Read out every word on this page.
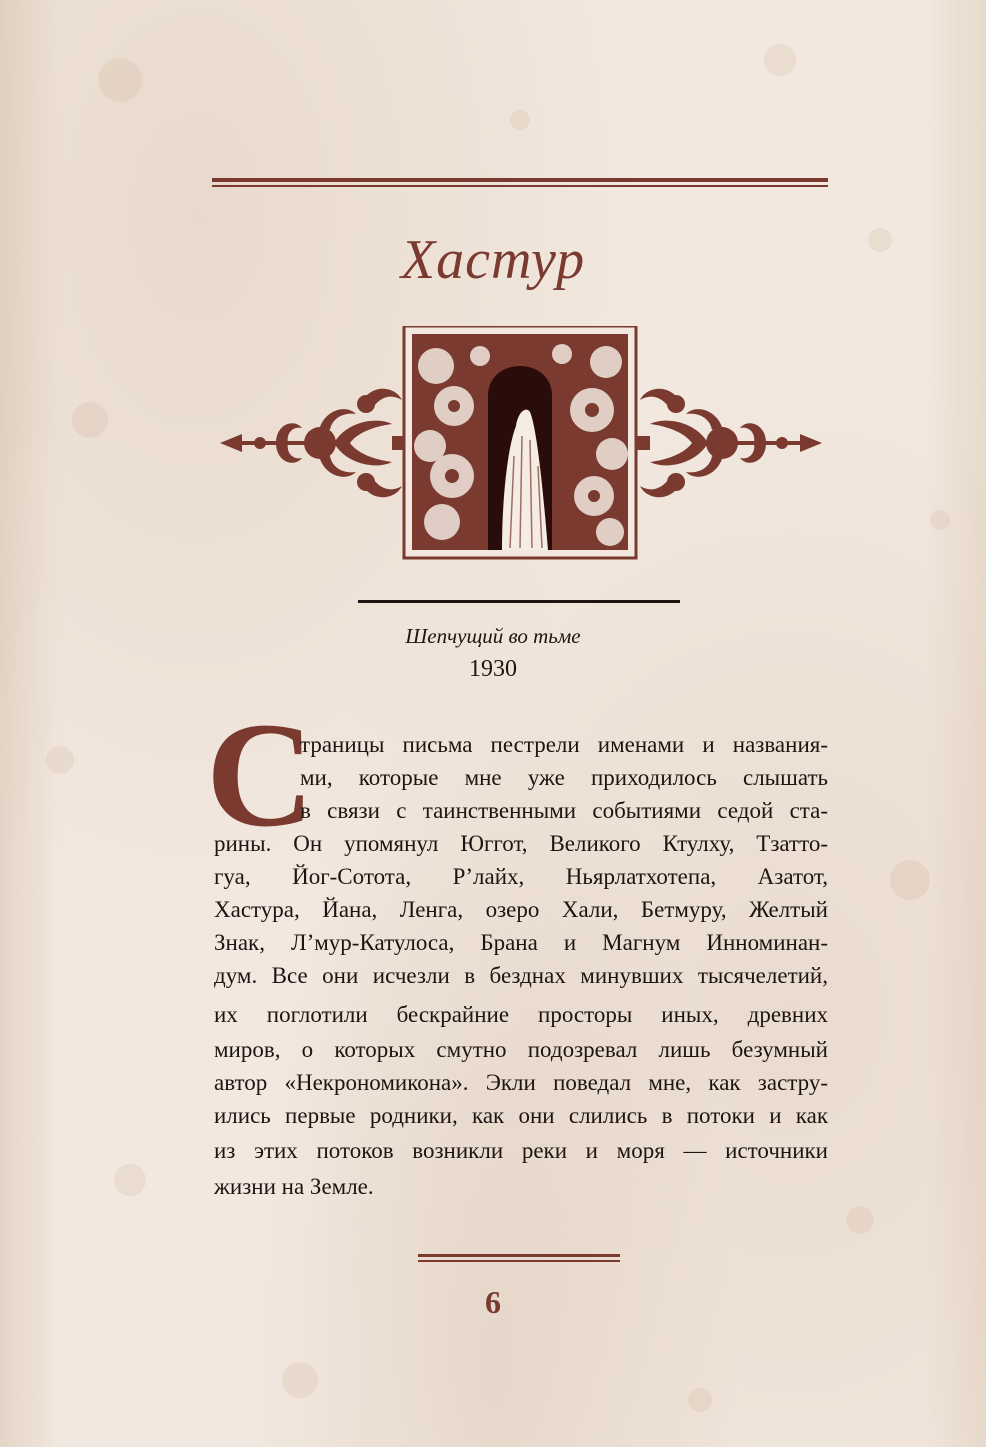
Хастур
Шепчущий во тьме
1930
С
траницы письма пестрели именами и названия-
ми, которые мне уже приходилось слышать
в связи с таинственными событиями седой ста-
рины. Он упомянул Юггот, Великого Ктулху, Тзатто-
гуа, Йог-Сотота, Р’лайх, Ньярлатхотепа, Азатот,
Хастура, Йана, Ленга, озеро Хали, Бетмуру, Желтый
Знак, Л’мур-Катулоса, Брана и Магнум Инноминан-
дум. Все они исчезли в безднах минувших тысячелетий,
их поглотили бескрайние просторы иных, древних
миров, о которых смутно подозревал лишь безумный
автор «Некрономикона». Экли поведал мне, как застру-
ились первые родники, как они слились в потоки и как
из этих потоков возникли реки и моря — источники
жизни на Земле.
6
